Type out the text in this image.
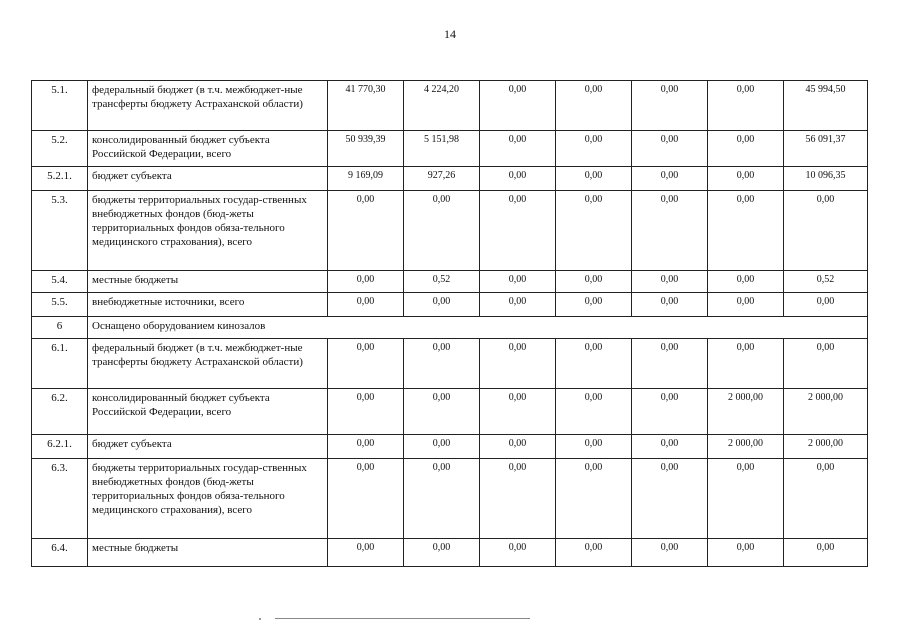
14
5.1.	федеральный бюджет (в т.ч. межбюджет-ные трансферты бюджету Астраханской области)	41 770,30	4 224,20	0,00	0,00	0,00	0,00	45 994,50
5.2.	консолидированный бюджет субъекта Российской Федерации, всего	50 939,39	5 151,98	0,00	0,00	0,00	0,00	56 091,37
5.2.1.	бюджет субъекта	9 169,09	927,26	0,00	0,00	0,00	0,00	10 096,35
5.3.	бюджеты территориальных государ-ственных внебюджетных фондов (бюд-жеты территориальных фондов обяза-тельного медицинского страхования), всего	0,00	0,00	0,00	0,00	0,00	0,00	0,00
5.4.	местные бюджеты	0,00	0,52	0,00	0,00	0,00	0,00	0,52
5.5.	внебюджетные источники, всего	0,00	0,00	0,00	0,00	0,00	0,00	0,00
6	Оснащено оборудованием кинозалов							
6.1.	федеральный бюджет (в т.ч. межбюджет-ные трансферты бюджету Астраханской области)	0,00	0,00	0,00	0,00	0,00	0,00	0,00
6.2.	консолидированный бюджет субъекта Российской Федерации, всего	0,00	0,00	0,00	0,00	0,00	2 000,00	2 000,00
6.2.1.	бюджет субъекта	0,00	0,00	0,00	0,00	0,00	2 000,00	2 000,00
6.3.	бюджеты территориальных государ-ственных внебюджетных фондов (бюд-жеты территориальных фондов обяза-тельного медицинского страхования), всего	0,00	0,00	0,00	0,00	0,00	0,00	0,00
6.4.	местные бюджеты	0,00	0,00	0,00	0,00	0,00	0,00	0,00
